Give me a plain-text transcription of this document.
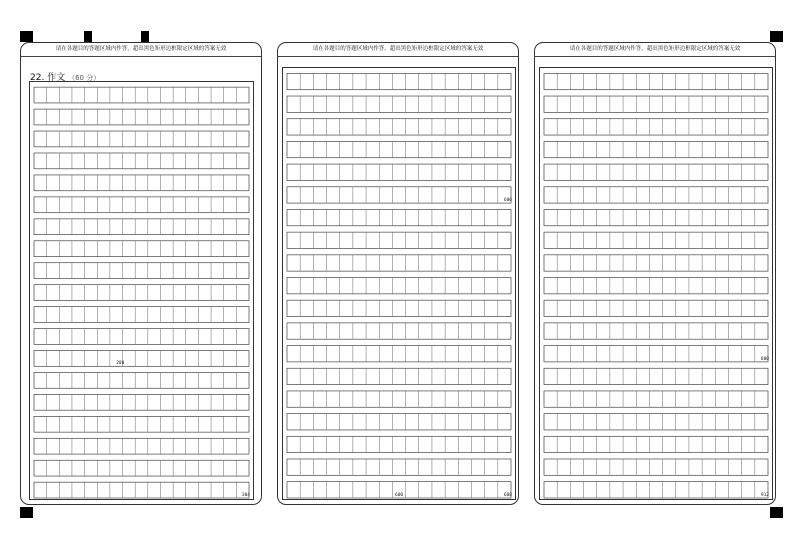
请在各题目的答题区域内作答，超出黑色矩形边框限定区域的答案无效
22. 作文 （60 分）
200
304
请在各题目的答题区域内作答，超出黑色矩形边框限定区域的答案无效
600
600	608
请在各题目的答题区域内作答，超出黑色矩形边框限定区域的答案无效
800
912
